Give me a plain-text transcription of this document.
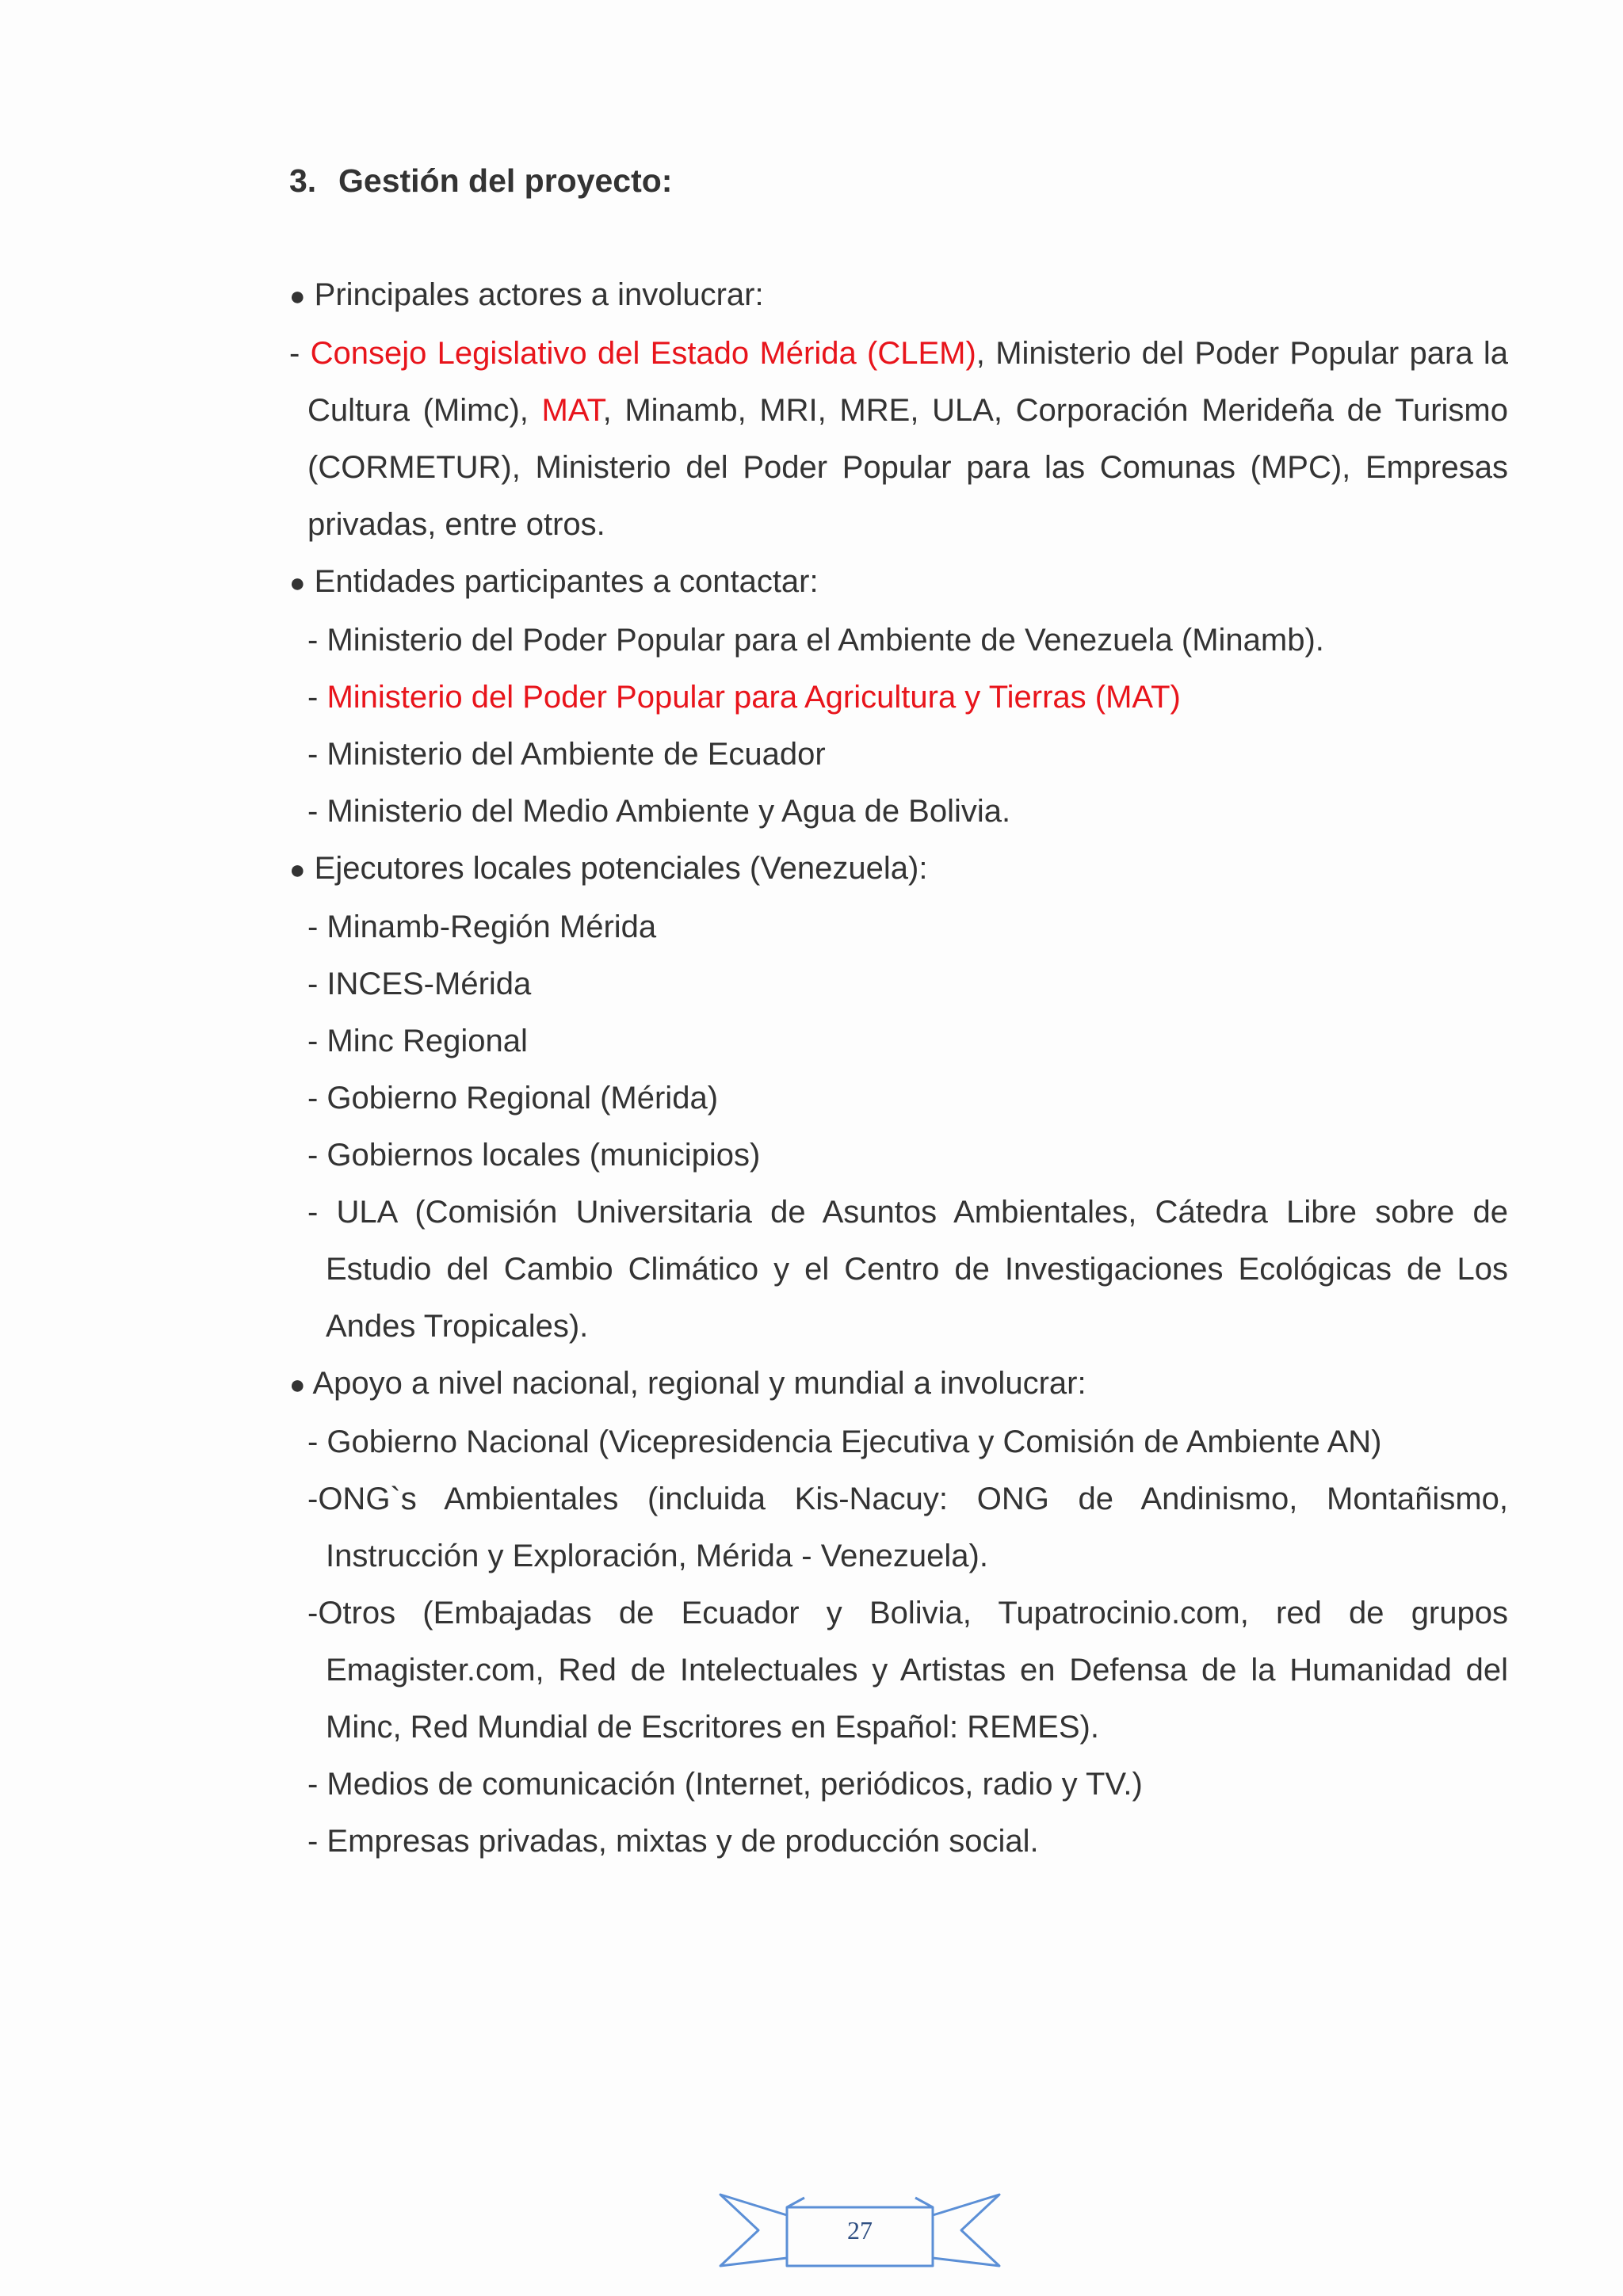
3. Gestión del proyecto:

● Principales actores a involucrar:

- Consejo Legislativo del Estado Mérida (CLEM), Ministerio del Poder Popular para la Cultura (Mimc), MAT, Minamb, MRI, MRE, ULA, Corporación Merideña de Turismo (CORMETUR), Ministerio del Poder Popular para las Comunas (MPC), Empresas privadas, entre otros.

● Entidades participantes a contactar:

- Ministerio del Poder Popular para el Ambiente de Venezuela (Minamb).

- Ministerio del Poder Popular para Agricultura y Tierras (MAT)

- Ministerio del Ambiente de Ecuador

- Ministerio del Medio Ambiente y Agua de Bolivia.

● Ejecutores locales potenciales (Venezuela):

- Minamb-Región Mérida

- INCES-Mérida

- Minc Regional

- Gobierno Regional (Mérida)

- Gobiernos locales (municipios)

- ULA (Comisión Universitaria de Asuntos Ambientales, Cátedra Libre sobre de Estudio del Cambio Climático y el Centro de Investigaciones Ecológicas de Los Andes Tropicales).

● Apoyo a nivel nacional, regional y mundial a involucrar:

- Gobierno Nacional (Vicepresidencia Ejecutiva y Comisión de Ambiente AN)

-ONG`s Ambientales (incluida Kis-Nacuy: ONG de Andinismo, Montañismo, Instrucción y Exploración, Mérida - Venezuela).

-Otros (Embajadas de Ecuador y Bolivia, Tupatrocinio.com, red de grupos Emagister.com, Red de Intelectuales y Artistas en Defensa de la Humanidad del Minc, Red Mundial de Escritores en Español: REMES).

- Medios de comunicación (Internet, periódicos, radio y TV.)

- Empresas privadas, mixtas y de producción social.

27
